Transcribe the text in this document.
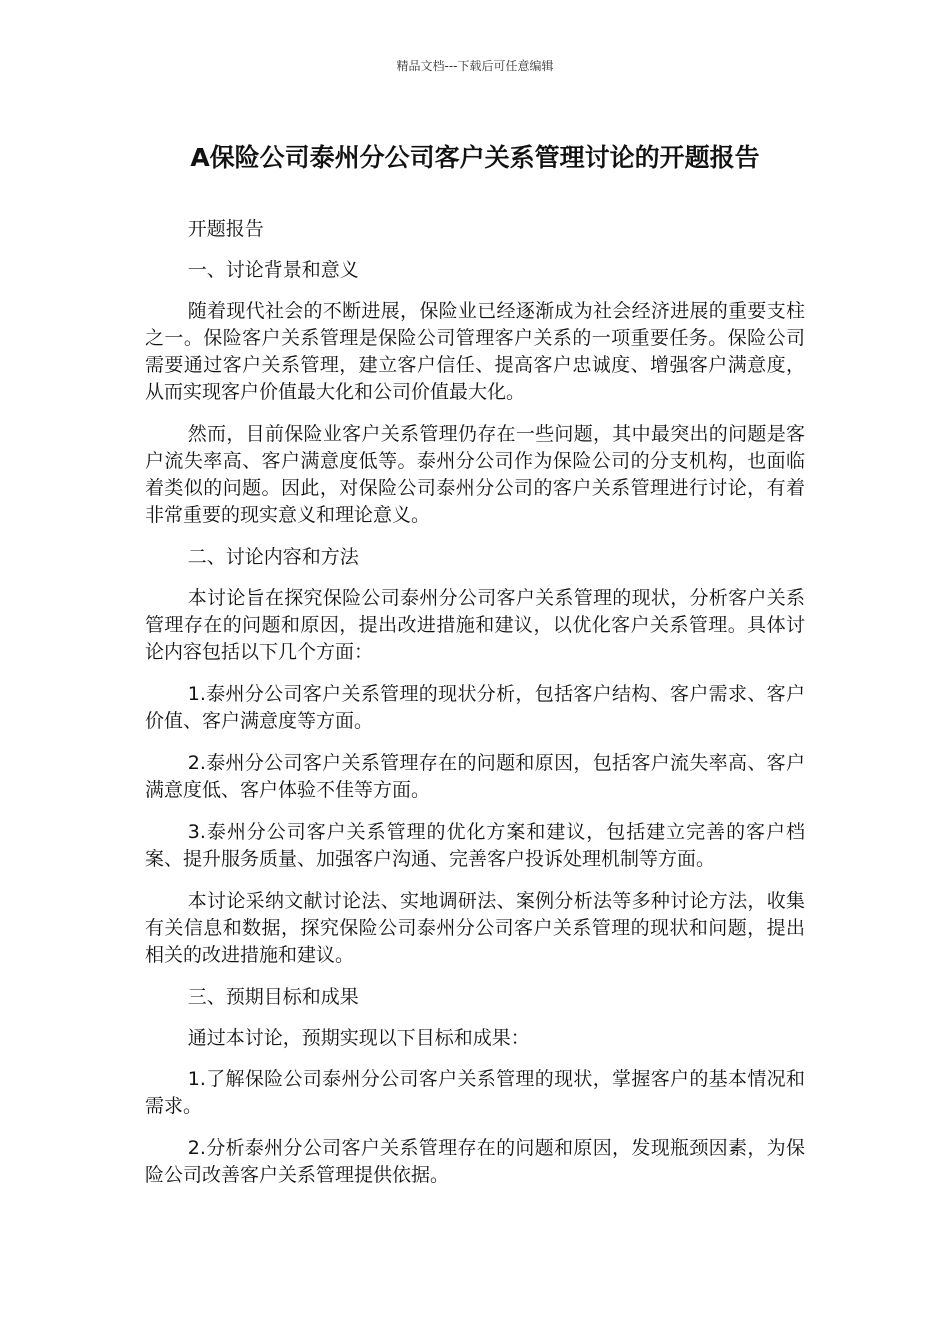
精品文档---下载后可任意编辑
A保险公司泰州分公司客户关系管理讨论的开题报告

开题报告

一、讨论背景和意义

随着现代社会的不断进展，保险业已经逐渐成为社会经济进展的重要支柱之一。保险客户关系管理是保险公司管理客户关系的一项重要任务。保险公司需要通过客户关系管理，建立客户信任、提高客户忠诚度、增强客户满意度，从而实现客户价值最大化和公司价值最大化。

然而，目前保险业客户关系管理仍存在一些问题，其中最突出的问题是客户流失率高、客户满意度低等。泰州分公司作为保险公司的分支机构，也面临着类似的问题。因此，对保险公司泰州分公司的客户关系管理进行讨论，有着非常重要的现实意义和理论意义。

二、讨论内容和方法

本讨论旨在探究保险公司泰州分公司客户关系管理的现状，分析客户关系管理存在的问题和原因，提出改进措施和建议，以优化客户关系管理。具体讨论内容包括以下几个方面：

1.泰州分公司客户关系管理的现状分析，包括客户结构、客户需求、客户价值、客户满意度等方面。

2.泰州分公司客户关系管理存在的问题和原因，包括客户流失率高、客户满意度低、客户体验不佳等方面。

3.泰州分公司客户关系管理的优化方案和建议，包括建立完善的客户档案、提升服务质量、加强客户沟通、完善客户投诉处理机制等方面。

本讨论采纳文献讨论法、实地调研法、案例分析法等多种讨论方法，收集有关信息和数据，探究保险公司泰州分公司客户关系管理的现状和问题，提出相关的改进措施和建议。

三、预期目标和成果

通过本讨论，预期实现以下目标和成果：

1.了解保险公司泰州分公司客户关系管理的现状，掌握客户的基本情况和需求。

2.分析泰州分公司客户关系管理存在的问题和原因，发现瓶颈因素，为保险公司改善客户关系管理提供依据。
